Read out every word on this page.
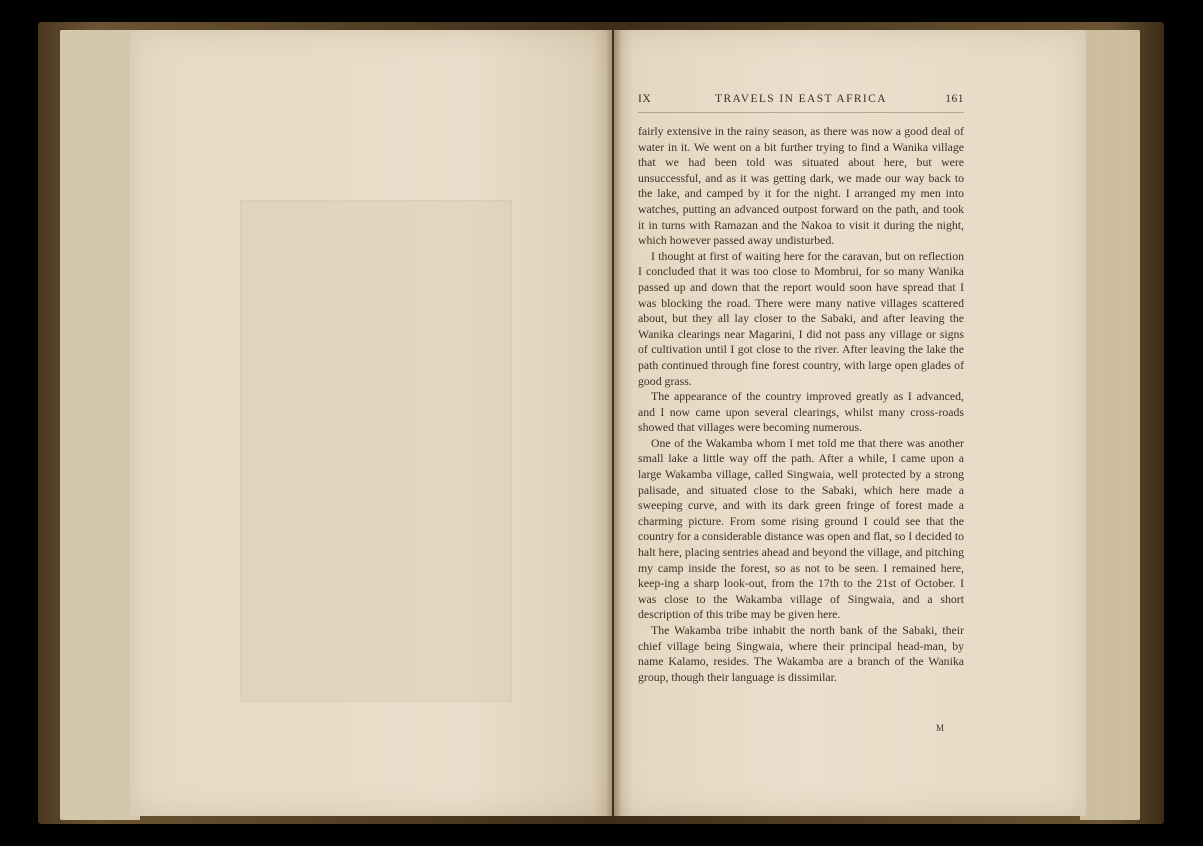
IX	TRAVELS IN EAST AFRICA	161

fairly extensive in the rainy season, as there was now a good deal of water in it. We went on a bit further trying to find a Wanika village that we had been told was situated about here, but were unsuccessful, and as it was getting dark, we made our way back to the lake, and camped by it for the night. I arranged my men into watches, putting an advanced outpost forward on the path, and took it in turns with Ramazan and the Nakoa to visit it during the night, which however passed away undisturbed.

I thought at first of waiting here for the caravan, but on reflection I concluded that it was too close to Mombrui, for so many Wanika passed up and down that the report would soon have spread that I was blocking the road. There were many native villages scattered about, but they all lay closer to the Sabaki, and after leaving the Wanika clearings near Magarini, I did not pass any village or signs of cultivation until I got close to the river. After leaving the lake the path continued through fine forest country, with large open glades of good grass.

The appearance of the country improved greatly as I advanced, and I now came upon several clearings, whilst many cross-roads showed that villages were becoming numerous.

One of the Wakamba whom I met told me that there was another small lake a little way off the path. After a while, I came upon a large Wakamba village, called Singwaia, well protected by a strong palisade, and situated close to the Sabaki, which here made a sweeping curve, and with its dark green fringe of forest made a charming picture. From some rising ground I could see that the country for a considerable distance was open and flat, so I decided to halt here, placing sentries ahead and beyond the village, and pitching my camp inside the forest, so as not to be seen. I remained here, keep-ing a sharp look-out, from the 17th to the 21st of October. I was close to the Wakamba village of Singwaia, and a short description of this tribe may be given here.

The Wakamba tribe inhabit the north bank of the Sabaki, their chief village being Singwaia, where their principal head-man, by name Kalamo, resides. The Wakamba are a branch of the Wanika group, though their language is dissimilar.

M
